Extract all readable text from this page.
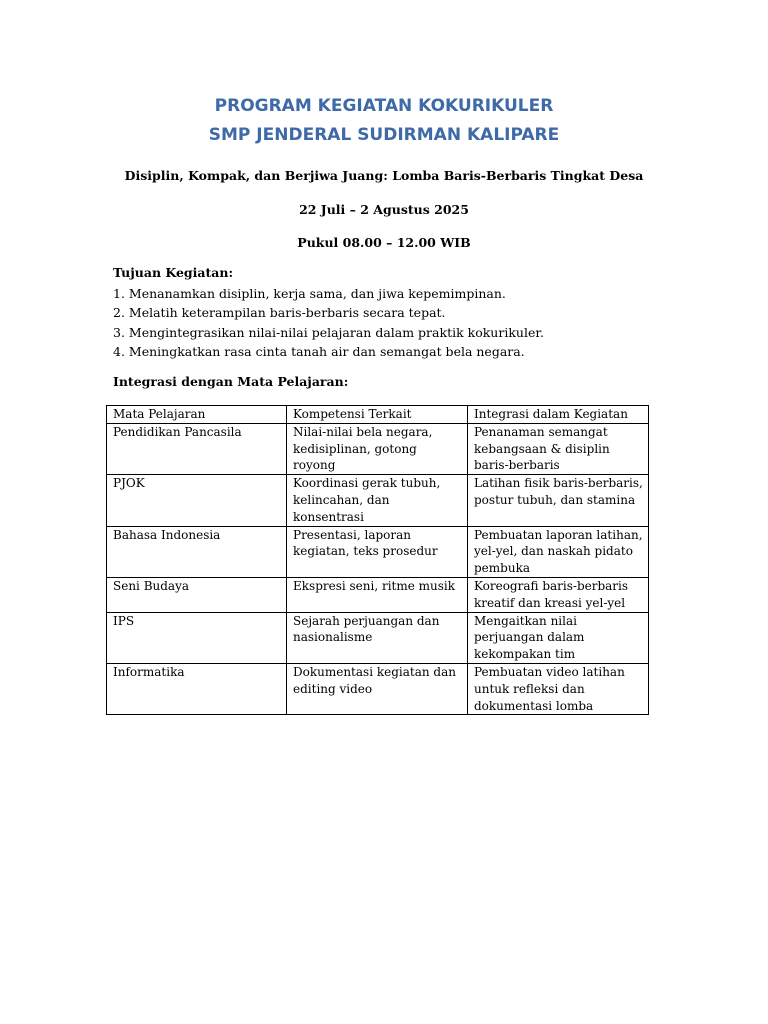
PROGRAM KEGIATAN KOKURIKULER
SMP JENDERAL SUDIRMAN KALIPARE
Disiplin, Kompak, dan Berjiwa Juang: Lomba Baris-Berbaris Tingkat Desa
22 Juli – 2 Agustus 2025
Pukul 08.00 – 12.00 WIB
Tujuan Kegiatan:
1. Menanamkan disiplin, kerja sama, dan jiwa kepemimpinan.
2. Melatih keterampilan baris-berbaris secara tepat.
3. Mengintegrasikan nilai-nilai pelajaran dalam praktik kokurikuler.
4. Meningkatkan rasa cinta tanah air dan semangat bela negara.
Integrasi dengan Mata Pelajaran:
Mata Pelajaran	Kompetensi Terkait	Integrasi dalam Kegiatan
Pendidikan Pancasila	Nilai-nilai bela negara, kedisiplinan, gotong royong	Penanaman semangat kebangsaan & disiplin baris-berbaris
PJOK	Koordinasi gerak tubuh, kelincahan, dan konsentrasi	Latihan fisik baris-berbaris, postur tubuh, dan stamina
Bahasa Indonesia	Presentasi, laporan kegiatan, teks prosedur	Pembuatan laporan latihan, yel-yel, dan naskah pidato pembuka
Seni Budaya	Ekspresi seni, ritme musik	Koreografi baris-berbaris kreatif dan kreasi yel-yel
IPS	Sejarah perjuangan dan nasionalisme	Mengaitkan nilai perjuangan dalam kekompakan tim
Informatika	Dokumentasi kegiatan dan editing video	Pembuatan video latihan untuk refleksi dan dokumentasi lomba
